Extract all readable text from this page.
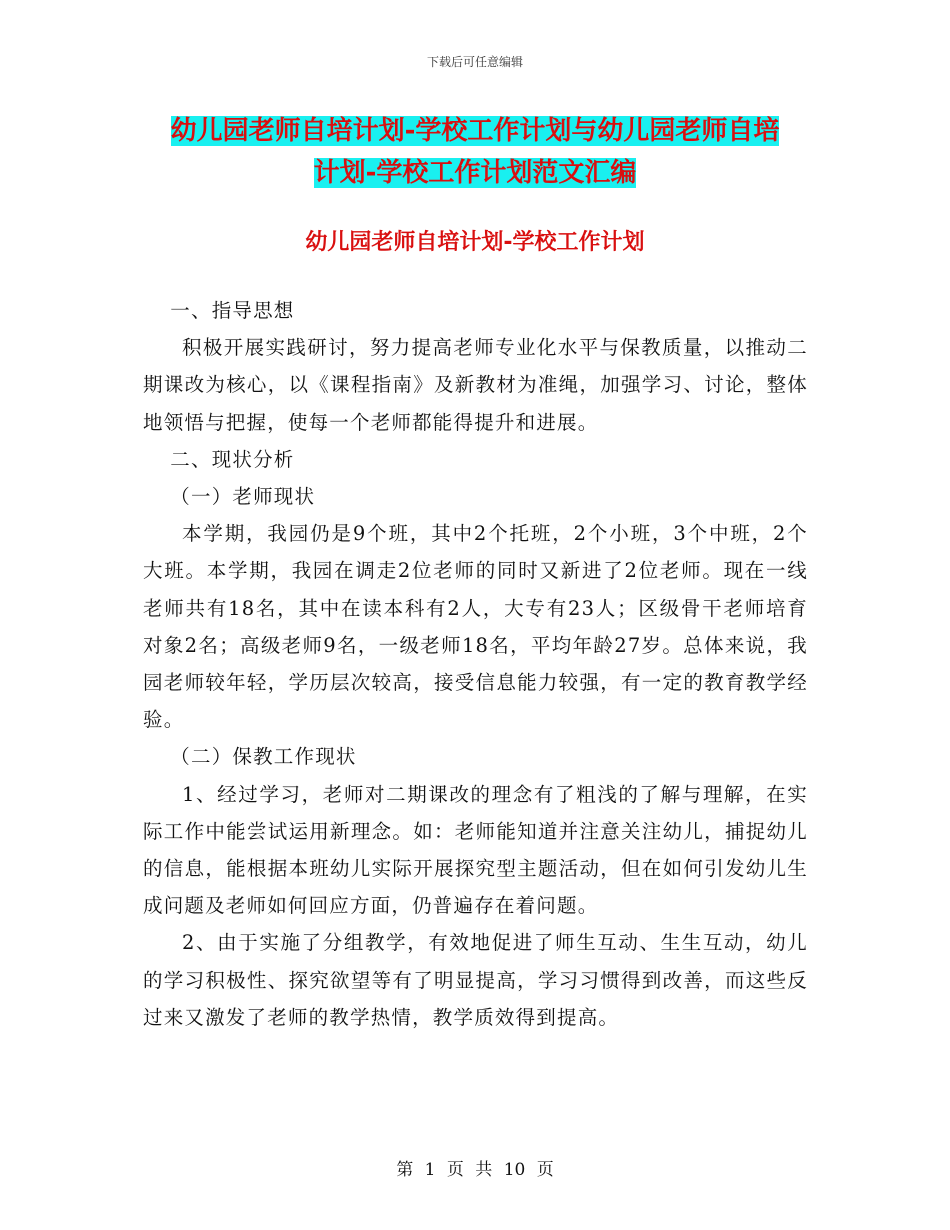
下载后可任意编辑
幼儿园老师自培计划-学校工作计划与幼儿园老师自培
计划-学校工作计划范文汇编
幼儿园老师自培计划-学校工作计划

一、指导思想

积极开展实践研讨，努力提高老师专业化水平与保教质量，以推动二期课改为核心，以《课程指南》及新教材为准绳，加强学习、讨论，整体地领悟与把握，使每一个老师都能得提升和进展。

二、现状分析

（一）老师现状

本学期，我园仍是9个班，其中2个托班，2个小班，3个中班，2个大班。本学期，我园在调走2位老师的同时又新进了2位老师。现在一线老师共有18名，其中在读本科有2人，大专有23人；区级骨干老师培育对象2名；高级老师9名，一级老师18名，平均年龄27岁。总体来说，我园老师较年轻，学历层次较高，接受信息能力较强，有一定的教育教学经验。

（二）保教工作现状

1、经过学习，老师对二期课改的理念有了粗浅的了解与理解，在实际工作中能尝试运用新理念。如：老师能知道并注意关注幼儿，捕捉幼儿的信息，能根据本班幼儿实际开展探究型主题活动，但在如何引发幼儿生成问题及老师如何回应方面，仍普遍存在着问题。

2、由于实施了分组教学，有效地促进了师生互动、生生互动，幼儿的学习积极性、探究欲望等有了明显提高，学习习惯得到改善，而这些反过来又激发了老师的教学热情，教学质效得到提高。

第 1 页 共 10 页
